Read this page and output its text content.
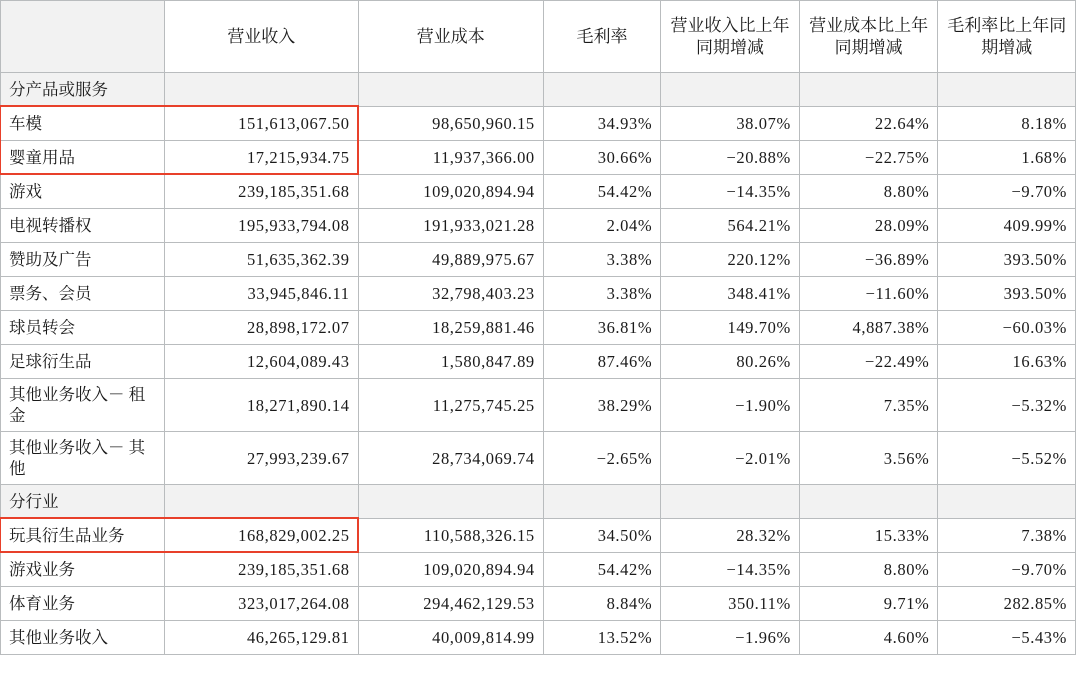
	营业收入	营业成本	毛利率	营业收入比上年同期增减	营业成本比上年同期增减	毛利率比上年同期增减
分产品或服务						
车模	151,613,067.50	98,650,960.15	34.93%	38.07%	22.64%	8.18%
婴童用品	17,215,934.75	11,937,366.00	30.66%	−20.88%	−22.75%	1.68%
游戏	239,185,351.68	109,020,894.94	54.42%	−14.35%	8.80%	−9.70%
电视转播权	195,933,794.08	191,933,021.28	2.04%	564.21%	28.09%	409.99%
赞助及广告	51,635,362.39	49,889,975.67	3.38%	220.12%	−36.89%	393.50%
票务、会员	33,945,846.11	32,798,403.23	3.38%	348.41%	−11.60%	393.50%
球员转会	28,898,172.07	18,259,881.46	36.81%	149.70%	4,887.38%	−60.03%
足球衍生品	12,604,089.43	1,580,847.89	87.46%	80.26%	−22.49%	16.63%
其他业务收入－ 租金	18,271,890.14	11,275,745.25	38.29%	−1.90%	7.35%	−5.32%
其他业务收入－ 其他	27,993,239.67	28,734,069.74	−2.65%	−2.01%	3.56%	−5.52%
分行业						
玩具衍生品业务	168,829,002.25	110,588,326.15	34.50%	28.32%	15.33%	7.38%
游戏业务	239,185,351.68	109,020,894.94	54.42%	−14.35%	8.80%	−9.70%
体育业务	323,017,264.08	294,462,129.53	8.84%	350.11%	9.71%	282.85%
其他业务收入	46,265,129.81	40,009,814.99	13.52%	−1.96%	4.60%	−5.43%
